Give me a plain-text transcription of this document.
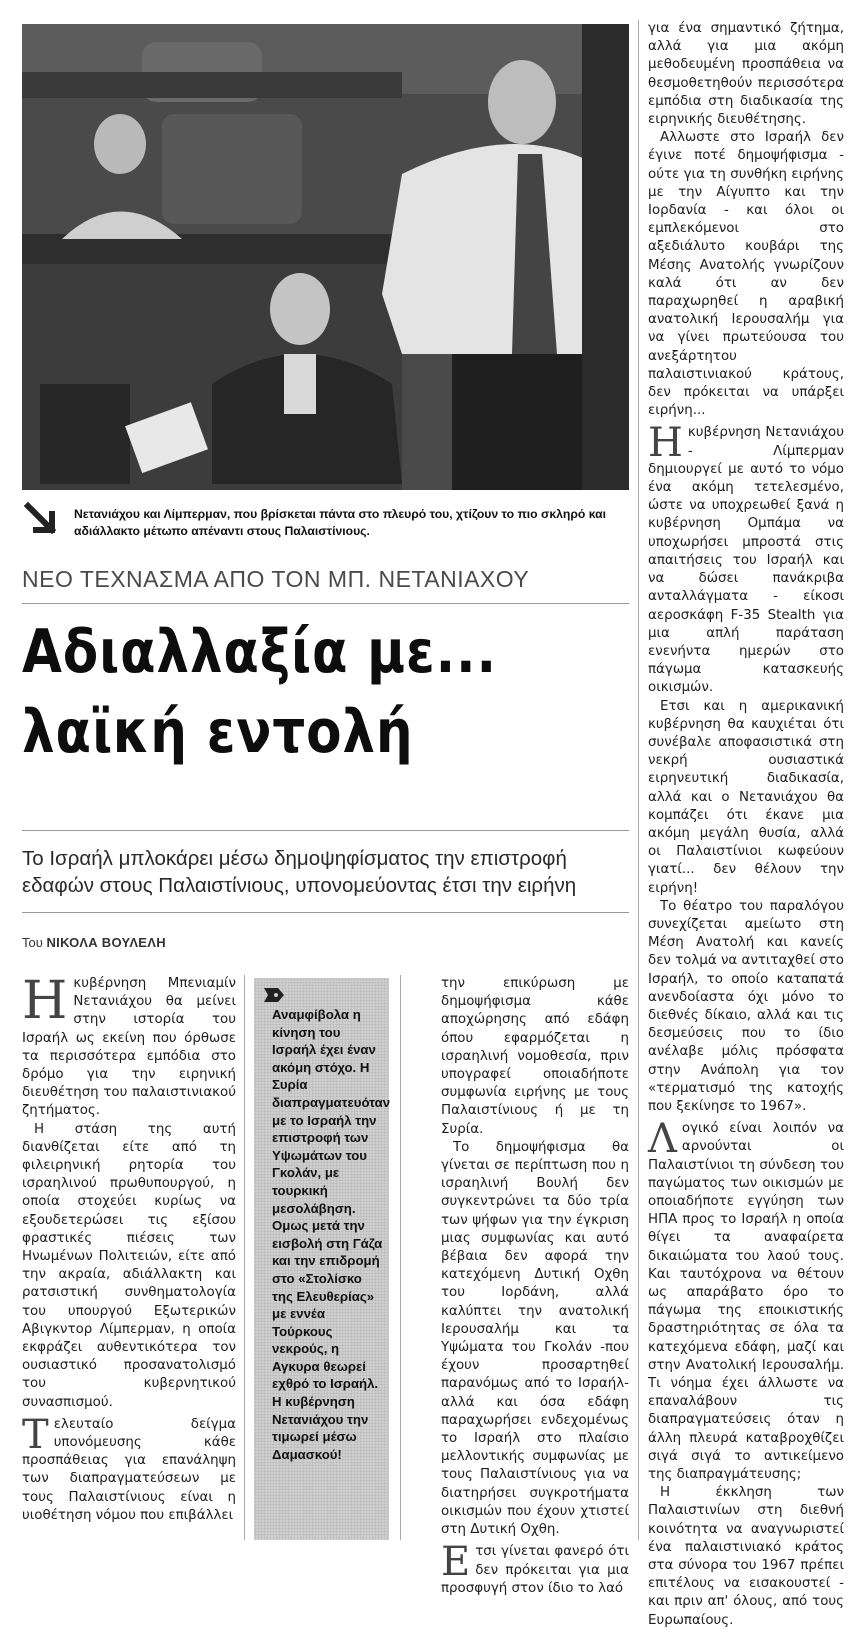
Νετανιάχου και Λίμπερμαν, που βρίσκεται πάντα στο πλευρό του, χτίζουν το πιο σκληρό και αδιάλλακτο μέτωπο απέναντι στους Παλαιστίνιους.
ΝΕΟ ΤΕΧΝΑΣΜΑ ΑΠΟ ΤΟΝ ΜΠ. ΝΕΤΑΝΙΑΧΟΥ
Αδιαλλαξία με...
λαϊκή εντολή
Το Ισραήλ μπλοκάρει μέσω δημοψηφίσματος την επιστροφή εδαφών στους Παλαιστίνιους, υπονομεύοντας έτσι την ειρήνη
Του ΝΙΚΟΛΑ ΒΟΥΛΕΛΗ

Ηκυβέρνηση Μπενιαμίν Νετανιάχου θα μείνει στην ιστορία του Ισραήλ ως εκείνη που όρθωσε τα περισσότερα εμπόδια στο δρόμο για την ειρηνική διευθέτηση του παλαιστινιακού ζητήματος.

Η στάση της αυτή διανθίζεται είτε από τη φιλειρηνική ρητορία του ισραηλινού πρωθυπουργού, η οποία στοχεύει κυρίως να εξουδετερώσει τις εξίσου φραστικές πιέσεις των Ηνωμένων Πολιτειών, είτε από την ακραία, αδιάλλακτη και ρατσιστική συνθηματολογία του υπουργού Εξωτερικών Αβιγκντορ Λίμπερμαν, η οποία εκφράζει αυθεντικότερα τον ουσιαστικό προσανατολισμό του κυβερνητικού συνασπισμού.

Τελευταίο δείγμα υπονόμευσης κάθε προσπάθειας για επανάληψη των διαπραγματεύσεων με τους Παλαιστίνιους είναι η υιοθέτηση νόμου που επιβάλλει

Αναμφίβολα η κίνηση του Ισραήλ έχει έναν ακόμη στόχο. Η Συρία διαπραγματευόταν με το Ισραήλ την επιστροφή των Υψωμάτων του Γκολάν, με τουρκική μεσολάβηση. Ομως μετά την εισβολή στη Γάζα και την επιδρομή στο «Στολίσκο της Ελευθερίας» με εννέα Τούρκους νεκρούς, η Αγκυρα θεωρεί εχθρό το Ισραήλ. Η κυβέρνηση Νετανιάχου την τιμωρεί μέσω Δαμασκού!

την επικύρωση με δημοψήφισμα κάθε αποχώρησης από εδάφη όπου εφαρμόζεται η ισραηλινή νομοθεσία, πριν υπογραφεί οποιαδήποτε συμφωνία ειρήνης με τους Παλαιστίνιους ή με τη Συρία.

Το δημοψήφισμα θα γίνεται σε περίπτωση που η ισραηλινή Βουλή δεν συγκεντρώνει τα δύο τρία των ψήφων για την έγκριση μιας συμφωνίας και αυτό βέβαια δεν αφορά την κατεχόμενη Δυτική Οχθη του Ιορδάνη, αλλά καλύπτει την ανατολική Ιερουσαλήμ και τα Υψώματα του Γκολάν -που έχουν προσαρτηθεί παρανόμως από το Ισραήλ- αλλά και όσα εδάφη παραχωρήσει ενδεχομένως το Ισραήλ στο πλαίσιο μελλοντικής συμφωνίας με τους Παλαιστίνιους για να διατηρήσει συγκροτήματα οικισμών που έχουν χτιστεί στη Δυτική Οχθη.

Ετσι γίνεται φανερό ότι δεν πρόκειται για μια προσφυγή στον ίδιο το λαό

για ένα σημαντικό ζήτημα, αλλά για μια ακόμη μεθοδευμένη προσπάθεια να θεσμοθετηθούν περισσότερα εμπόδια στη διαδικασία της ειρηνικής διευθέτησης.

Αλλωστε στο Ισραήλ δεν έγινε ποτέ δημοψήφισμα - ούτε για τη συνθήκη ειρήνης με την Αίγυπτο και την Ιορδανία - και όλοι οι εμπλεκόμενοι στο αξεδιάλυτο κουβάρι της Μέσης Ανατολής γνωρίζουν καλά ότι αν δεν παραχωρηθεί η αραβική ανατολική Ιερουσαλήμ για να γίνει πρωτεύουσα του ανεξάρτητου παλαιστινιακού κράτους, δεν πρόκειται να υπάρξει ειρήνη...

Ηκυβέρνηση Νετανιάχου - Λίμπερμαν δημιουργεί με αυτό το νόμο ένα ακόμη τετελεσμένο, ώστε να υποχρεωθεί ξανά η κυβέρνηση Ομπάμα να υποχωρήσει μπροστά στις απαιτήσεις του Ισραήλ και να δώσει πανάκριβα ανταλλάγματα - είκοσι αεροσκάφη F-35 Stealth για μια απλή παράταση ενενήντα ημερών στο πάγωμα κατασκευής οικισμών.

Ετσι και η αμερικανική κυβέρνηση θα καυχιέται ότι συνέβαλε αποφασιστικά στη νεκρή ουσιαστικά ειρηνευτική διαδικασία, αλλά και ο Νετανιάχου θα κομπάζει ότι έκανε μια ακόμη μεγάλη θυσία, αλλά οι Παλαιστίνιοι κωφεύουν γιατί... δεν θέλουν την ειρήνη!

Το θέατρο του παραλόγου συνεχίζεται αμείωτο στη Μέση Ανατολή και κανείς δεν τολμά να αντιταχθεί στο Ισραήλ, το οποίο καταπατά ανενδοίαστα όχι μόνο το διεθνές δίκαιο, αλλά και τις δεσμεύσεις που το ίδιο ανέλαβε μόλις πρόσφατα στην Ανάπολη για τον «τερματισμό της κατοχής που ξεκίνησε το 1967».

Λογικό είναι λοιπόν να αρνούνται οι Παλαιστίνιοι τη σύνδεση του παγώματος των οικισμών με οποιαδήποτε εγγύηση των ΗΠΑ προς το Ισραήλ η οποία θίγει τα αναφαίρετα δικαιώματα του λαού τους. Και ταυτόχρονα να θέτουν ως απαράβατο όρο το πάγωμα της εποικιστικής δραστηριότητας σε όλα τα κατεχόμενα εδάφη, μαζί και στην Ανατολική Ιερουσαλήμ. Τι νόημα έχει άλλωστε να επαναλάβουν τις διαπραγματεύσεις όταν η άλλη πλευρά καταβροχθίζει σιγά σιγά το αντικείμενο της διαπραγμάτευσης;

Η έκκληση των Παλαιστινίων στη διεθνή κοινότητα να αναγνωριστεί ένα παλαιστινιακό κράτος στα σύνορα του 1967 πρέπει επιτέλους να εισακουστεί - και πριν απ' όλους, από τους Ευρωπαίους.
